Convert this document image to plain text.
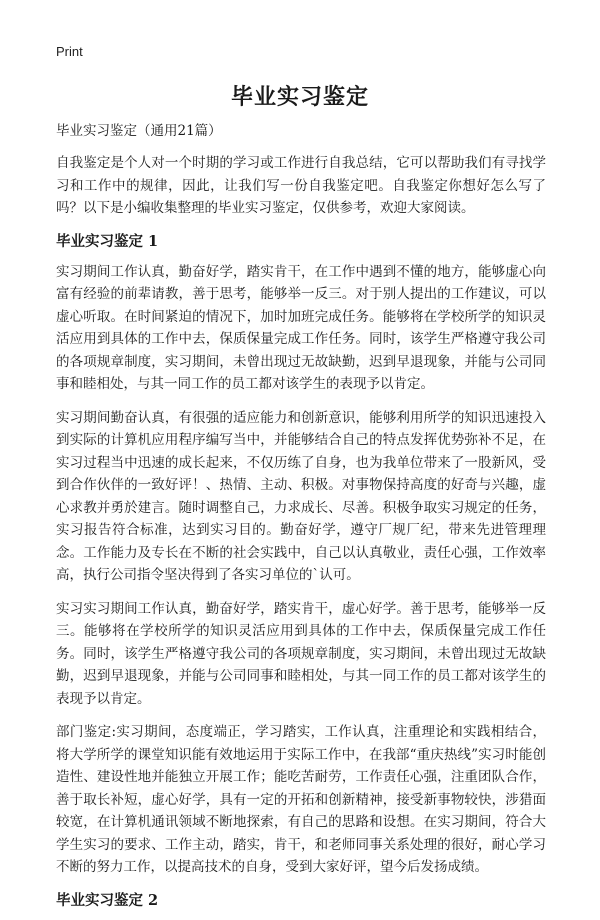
Print
毕业实习鉴定

毕业实习鉴定（通用21篇）

自我鉴定是个人对一个时期的学习或工作进行自我总结，它可以帮助我们有寻找学习和工作中的规律，因此，让我们写一份自我鉴定吧。自我鉴定你想好怎么写了吗？以下是小编收集整理的毕业实习鉴定，仅供参考，欢迎大家阅读。

毕业实习鉴定 1

实习期间工作认真，勤奋好学，踏实肯干，在工作中遇到不懂的地方，能够虚心向富有经验的前辈请教，善于思考，能够举一反三。对于别人提出的工作建议，可以虚心听取。在时间紧迫的情况下，加时加班完成任务。能够将在学校所学的知识灵活应用到具体的工作中去，保质保量完成工作任务。同时，该学生严格遵守我公司的各项规章制度，实习期间，未曾出现过无故缺勤，迟到早退现象，并能与公司同事和睦相处，与其一同工作的员工都对该学生的表现予以肯定。

实习期间勤奋认真，有很强的适应能力和创新意识，能够利用所学的知识迅速投入到实际的计算机应用程序编写当中，并能够结合自己的特点发挥优势弥补不足，在实习过程当中迅速的成长起来，不仅历练了自身，也为我单位带来了一股新风，受到合作伙伴的一致好评！、热情、主动、积极。对事物保持高度的好奇与兴趣，虚心求教并勇於建言。随时调整自己，力求成长、尽善。积极争取实习规定的任务，实习报告符合标准，达到实习目的。勤奋好学，遵守厂规厂纪，带来先进管理理念。工作能力及专长在不断的社会实践中，自己以认真敬业，责任心强，工作效率高，执行公司指令坚决得到了各实习单位的`认可。

实习实习期间工作认真，勤奋好学，踏实肯干，虚心好学。善于思考，能够举一反三。能够将在学校所学的知识灵活应用到具体的工作中去，保质保量完成工作任务。同时，该学生严格遵守我公司的各项规章制度，实习期间，未曾出现过无故缺勤，迟到早退现象，并能与公司同事和睦相处，与其一同工作的员工都对该学生的表现予以肯定。

部门鉴定:实习期间，态度端正，学习踏实，工作认真，注重理论和实践相结合，将大学所学的课堂知识能有效地运用于实际工作中，在我部“重庆热线”实习时能创造性、建设性地并能独立开展工作；能吃苦耐劳，工作责任心强，注重团队合作，善于取长补短，虚心好学，具有一定的开拓和创新精神，接受新事物较快，涉猎面较宽，在计算机通讯领域不断地探索，有自己的思路和设想。在实习期间，符合大学生实习的要求、工作主动，踏实，肯干，和老师同事关系处理的很好，耐心学习不断的努力工作，以提高技术的自身，受到大家好评，望今后发扬成绩。

毕业实习鉴定 2
